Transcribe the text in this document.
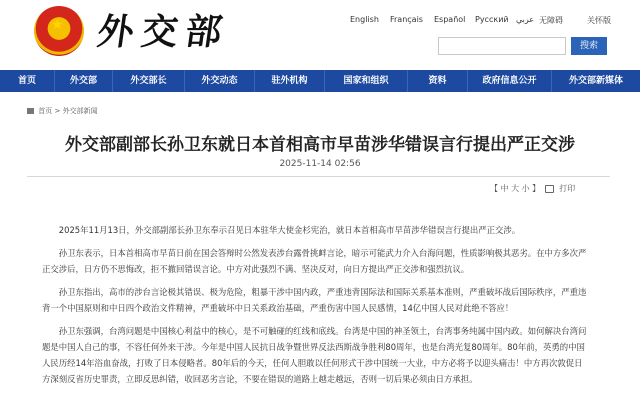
★ 外交部	English	Français	Español	Русский عربي 无障碍	关怀版
搜索
首页	外交部	外交部长	外交动态	驻外机构	国家和组织	资料	政府信息公开	外交部新媒体
首页 > 外交部新闻
外交部副部长孙卫东就日本首相高市早苗涉华错误言行提出严正交涉
2025-11-14 02:56
【 中 大 小 】 打印

2025年11月13日，外交部副部长孙卫东奉示召见日本驻华大使金杉宪治，就日本首相高市早苗涉华错误言行提出严正交涉。

孙卫东表示，日本首相高市早苗日前在国会答辩时公然发表涉台露骨挑衅言论，暗示可能武力介入台海问题，性质影响极其恶劣。在中方多次严正交涉后，日方仍不思悔改，拒不撤回错误言论。中方对此强烈不满、坚决反对，向日方提出严正交涉和强烈抗议。

孙卫东指出，高市的涉台言论极其错误、极为危险，粗暴干涉中国内政，严重违背国际法和国际关系基本准则，严重破坏战后国际秩序，严重违背一个中国原则和中日四个政治文件精神，严重破坏中日关系政治基础，严重伤害中国人民感情，14亿中国人民对此绝不答应！

孙卫东强调，台湾问题是中国核心利益中的核心，是不可触碰的红线和底线。台湾是中国的神圣领土，台湾事务纯属中国内政。如何解决台湾问题是中国人自己的事，不容任何外来干涉。今年是中国人民抗日战争暨世界反法西斯战争胜利80周年，也是台湾光复80周年。80年前，英勇的中国人民历经14年浴血奋战，打败了日本侵略者。80年后的今天，任何人胆敢以任何形式干涉中国统一大业，中方必将予以迎头痛击！中方再次敦促日方深刻反省历史罪责，立即反思纠错，收回恶劣言论，不要在错误的道路上越走越远，否则一切后果必须由日方承担。
